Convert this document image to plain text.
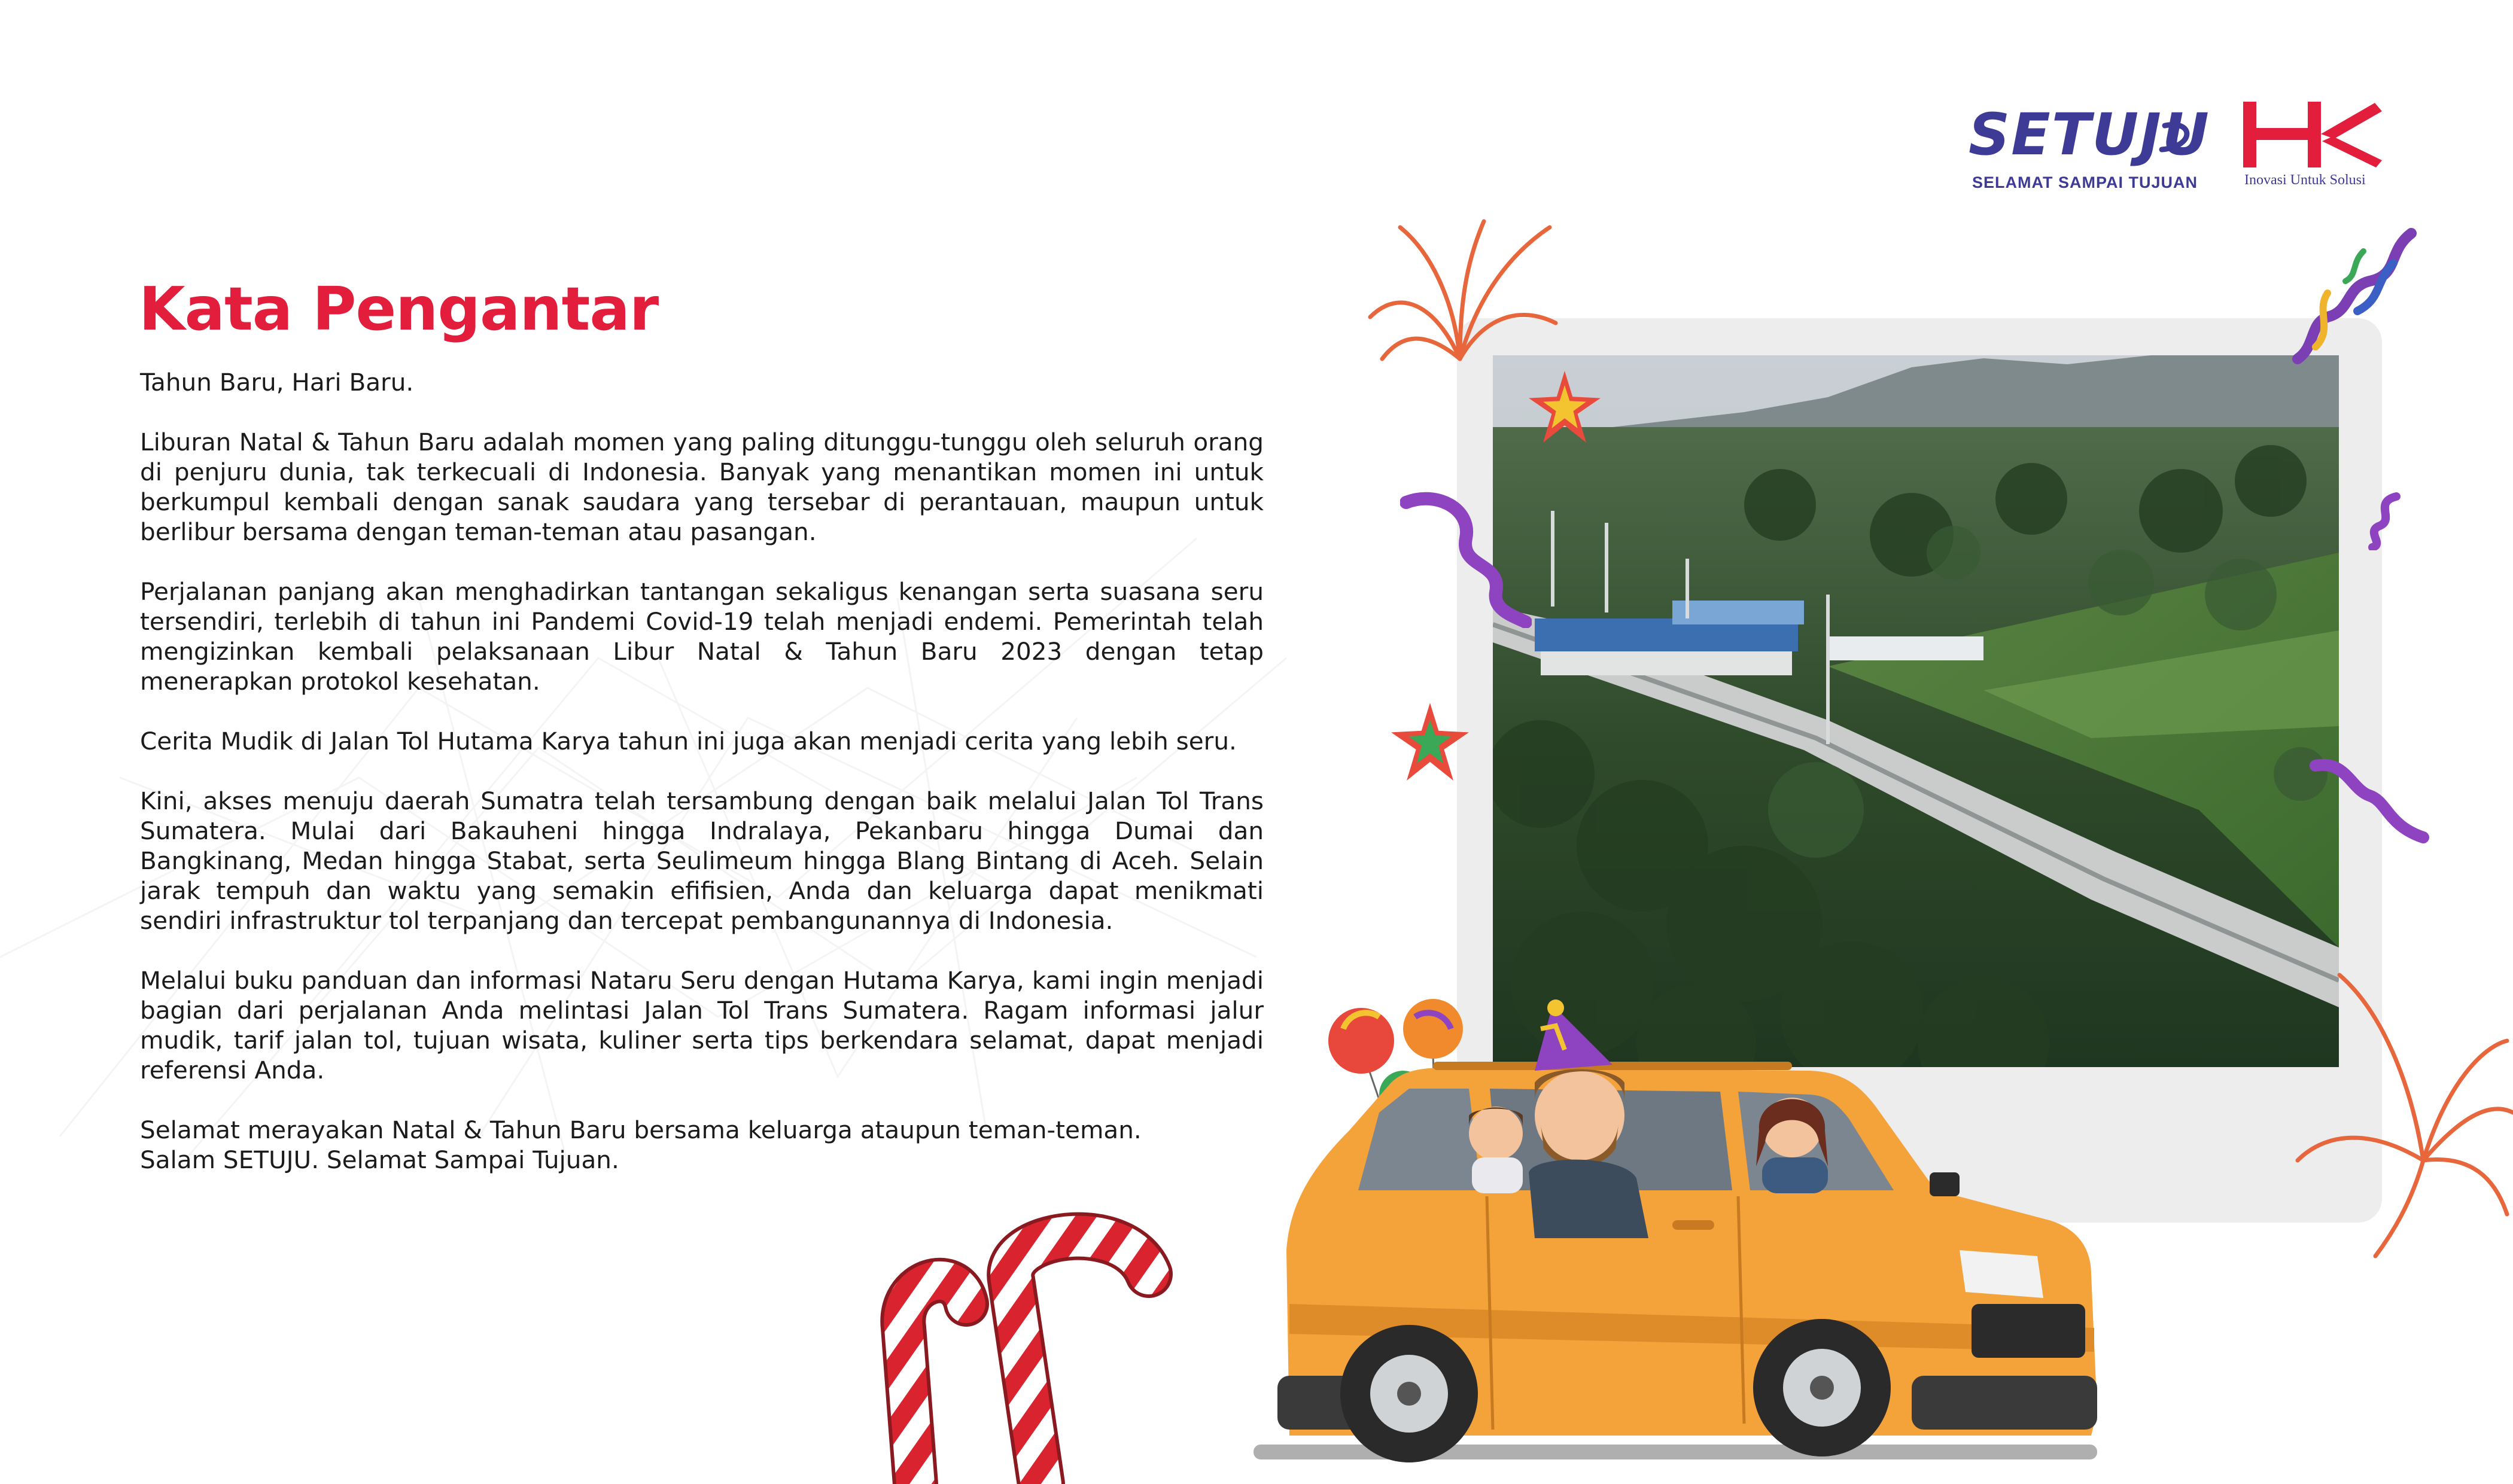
SETUJU
SELAMAT SAMPAI TUJUAN	Inovasi Untuk Solusi
Kata Pengantar

Tahun Baru, Hari Baru.

Liburan Natal & Tahun Baru adalah momen yang paling ditunggu-tunggu oleh seluruh orang di penjuru dunia, tak terkecuali di Indonesia. Banyak yang menantikan momen ini untuk berkumpul kembali dengan sanak saudara yang tersebar di perantauan, maupun untuk berlibur bersama dengan teman-teman atau pasangan.

Perjalanan panjang akan menghadirkan tantangan sekaligus kenangan serta suasana seru tersendiri, terlebih di tahun ini Pandemi Covid-19 telah menjadi endemi. Pemerintah telah mengizinkan kembali pelaksanaan Libur Natal & Tahun Baru 2023 dengan tetap menerapkan protokol kesehatan.

Cerita Mudik di Jalan Tol Hutama Karya tahun ini juga akan menjadi cerita yang lebih seru.

Kini, akses menuju daerah Sumatra telah tersambung dengan baik melalui Jalan Tol Trans Sumatera. Mulai dari Bakauheni hingga Indralaya, Pekanbaru hingga Dumai dan Bangkinang, Medan hingga Stabat, serta Seulimeum hingga Blang Bintang di Aceh. Selain jarak tempuh dan waktu yang semakin efifisien, Anda dan keluarga dapat menikmati sendiri infrastruktur tol terpanjang dan tercepat pembangunannya di Indonesia.

Melalui buku panduan dan informasi Nataru Seru dengan Hutama Karya, kami ingin menjadi bagian dari perjalanan Anda melintasi Jalan Tol Trans Sumatera. Ragam informasi jalur mudik, tarif jalan tol, tujuan wisata, kuliner serta tips berkendara selamat, dapat menjadi referensi Anda.

Selamat merayakan Natal & Tahun Baru bersama keluarga ataupun teman-teman.

Salam SETUJU. Selamat Sampai Tujuan.
